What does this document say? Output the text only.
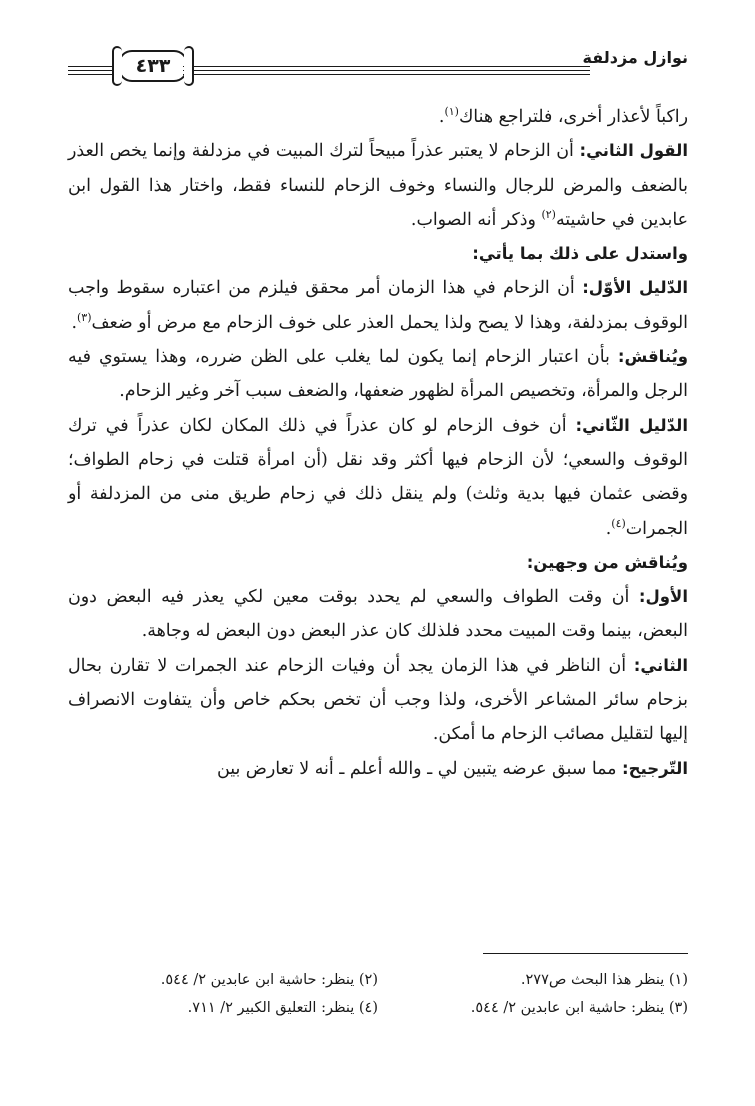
نوازل مزدلفة
٤٣٣

راكباً لأعذار أخرى، فلتراجع هناك$^{(١)}$.

القول الثاني: أن الزحام لا يعتبر عذراً مبيحاً لترك المبيت في مزدلفة وإنما يخص العذر بالضعف والمرض للرجال والنساء وخوف الزحام للنساء فقط، واختار هذا القول ابن عابدين في حاشيته$^{(٢)}$ وذكر أنه الصواب.

واستدل على ذلك بما يأتي:

الدّليل الأوّل: أن الزحام في هذا الزمان أمر محقق فيلزم من اعتباره سقوط واجب الوقوف بمزدلفة، وهذا لا يصح ولذا يحمل العذر على خوف الزحام مع مرض أو ضعف$^{(٣)}$.

ويُناقش: بأن اعتبار الزحام إنما يكون لما يغلب على الظن ضرره، وهذا يستوي فيه الرجل والمرأة، وتخصيص المرأة لظهور ضعفها، والضعف سبب آخر وغير الزحام.

الدّليل الثّاني: أن خوف الزحام لو كان عذراً في ذلك المكان لكان عذراً في ترك الوقوف والسعي؛ لأن الزحام فيها أكثر وقد نقل (أن امرأة قتلت في زحام الطواف؛ وقضى عثمان فيها بدية وثلث) ولم ينقل ذلك في زحام طريق منى من المزدلفة أو الجمرات$^{(٤)}$.

ويُناقش من وجهين:

الأول: أن وقت الطواف والسعي لم يحدد بوقت معين لكي يعذر فيه البعض دون البعض، بينما وقت المبيت محدد فلذلك كان عذر البعض دون البعض له وجاهة.

الثاني: أن الناظر في هذا الزمان يجد أن وفيات الزحام عند الجمرات لا تقارن بحال بزحام سائر المشاعر الأخرى، ولذا وجب أن تخص بحكم خاص وأن يتفاوت الانصراف إليها لتقليل مصائب الزحام ما أمكن.

التّرجيح: مما سبق عرضه يتبين لي ـ والله أعلم ـ أنه لا تعارض بين

(١) ينظر هذا البحث ص٢٧٧.
(٢) ينظر: حاشية ابن عابدين ٢/ ٥٤٤.
(٣) ينظر: حاشية ابن عابدين ٢/ ٥٤٤.
(٤) ينظر: التعليق الكبير ٢/ ٧١١.
